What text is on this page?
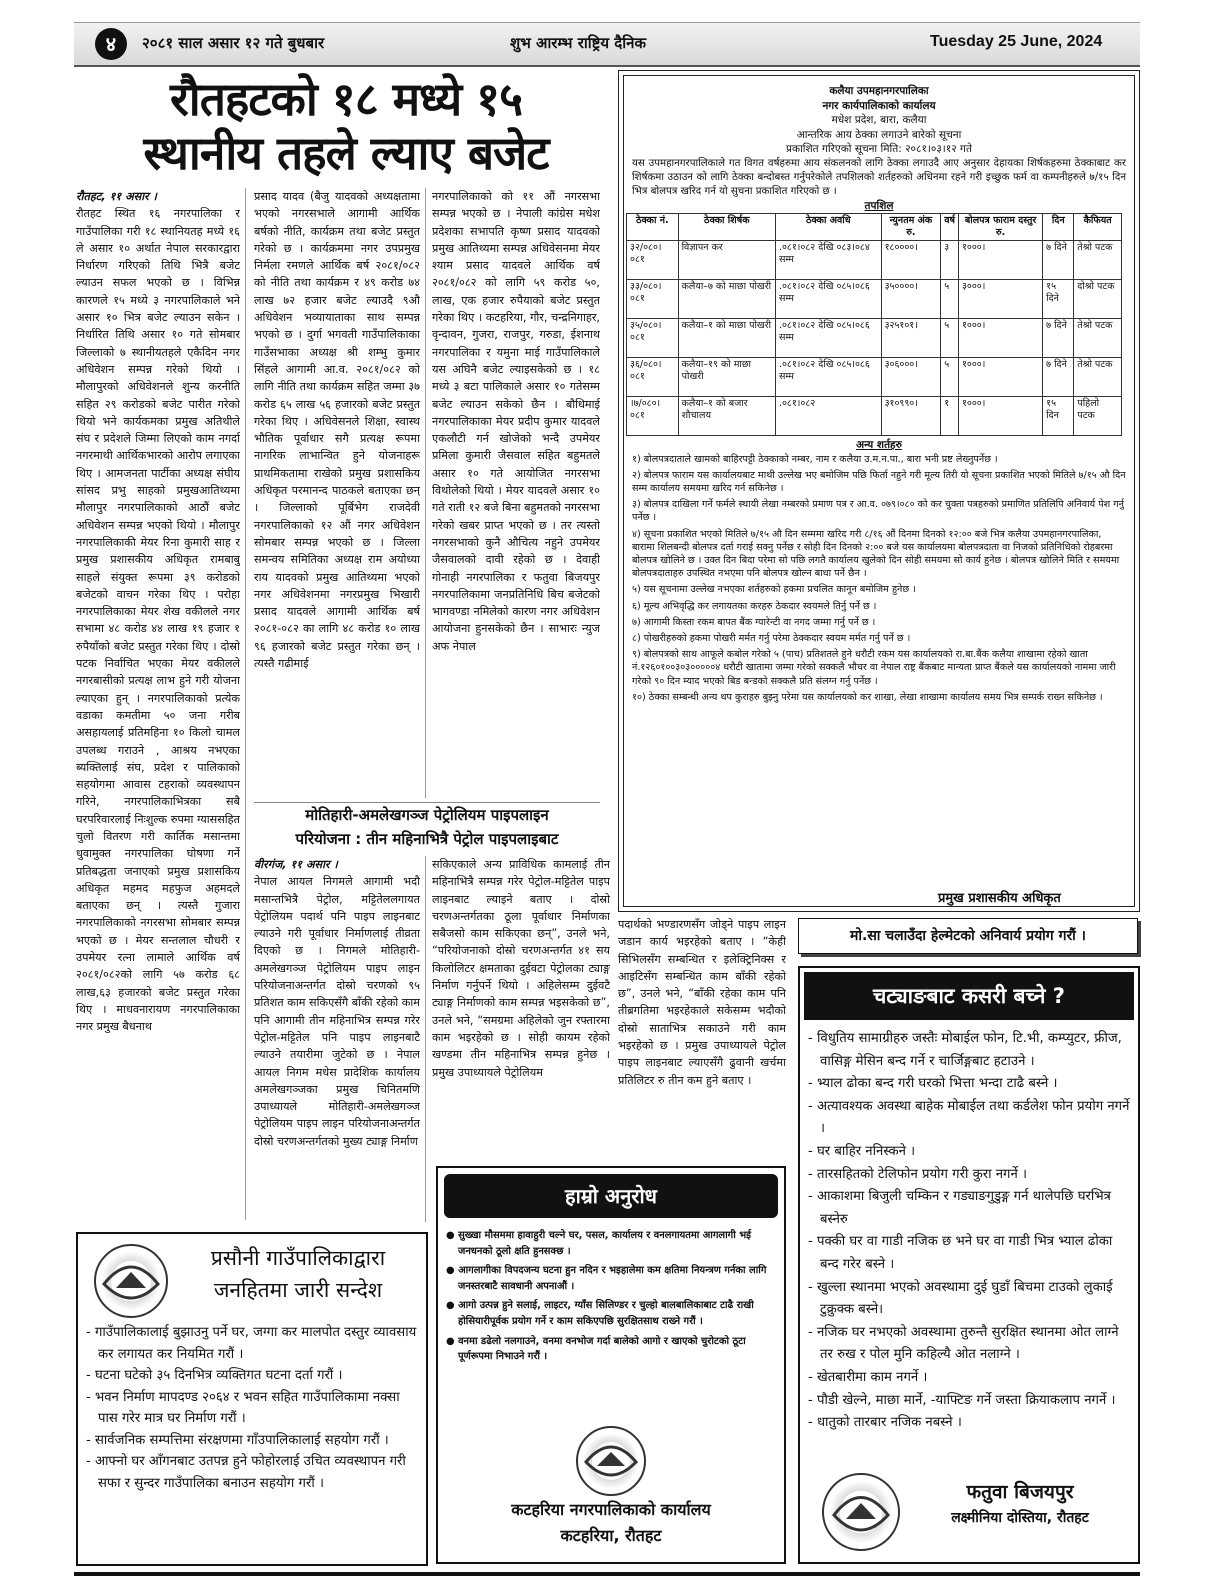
४	२०८१ साल असार १२ गते बुधबार	शुभ आरम्भ राष्ट्रिय दैनिक	Tuesday 25 June, 2024
रौतहटको १८ मध्ये १५
स्थानीय तहले ल्याए बजेट

रौतहट, ११ असार ।

रौतहट स्थित १६ नगरपालिका र गाउँपालिका गरी १८ स्थानियतह मध्ये १६ ले असार १० अर्थात नेपाल सरकारद्वारा निर्धारण गरिएको तिथि भित्रै बजेट ल्याउन सफल भएको छ । विभिन्न कारणले १५ मध्ये ३ नगरपालिकाले भने असार १० भित्र बजेट ल्याउन सकेन । निर्धारित तिथि असार १० गते सोमबार जिल्लाको ७ स्थानीयतहले एकैदिन नगर अधिवेशन सम्पन्न गरेको थियो । मौलापुरको अधिवेशनले शुन्य करनीति सहित २९ करोडको बजेट पारीत गरेको थियो भने कार्यकमका प्रमुख अतिथीले संघ र प्रदेशले जिम्मा लिएको काम नगर्दा नगरमाथी आर्थिकभारको आरोप लगाएका थिए । आमजनता पार्टीका अध्यक्ष संघीय सांसद प्रभु साहको प्रमुखआतिथ्यमा मौलापुर नगरपालिकाको आठौं बजेट अधिवेशन सम्पन्न भएको थियो । मौलापुर नगरपालिकाकी मेयर रिना कुमारी साह र प्रमुख प्रशासकीय अधिकृत रामबाबु साहले संयुक्त रूपमा ३९ करोडको बजेटको वाचन गरेका थिए । परोहा नगरपालिकाका मेयर शेख वकीलले नगर सभामा ४८ करोड ४४ लाख १९ हजार १ रुपैयाँको बजेट प्रस्तुत गरेका थिए । दोस्रो पटक निर्वाचित भएका मेयर वकीलले नगरबासीको प्रत्यक्ष लाभ हुने गरी योजना ल्याएका हुन् । नगरपालिकाको प्रत्येक वडाका कमतीमा ५० जना गरीब असहायलाई प्रतिमहिना १० किलो चामल उपलब्ध गराउने , आश्रय नभएका ब्यक्तिलाई संघ, प्रदेश र पालिकाको सहयोगमा आवास टहराको व्यवस्थापन गरिने, नगरपालिकाभित्रका सबै घरपरिवारलाई निःशुल्क रुपमा ग्याससहित चुलो वितरण गरी कार्तिक मसान्तमा धुवामुक्त नगरपालिका घोषणा गर्ने प्रतिबद्धता जनाएको प्रमुख प्रशासकिय अधिकृत महमद महफुज अहमदले बताएका छन् । त्यस्तै गुजारा नगरपालिकाको नगरसभा सोमबार सम्पन्न भएको छ । मेयर सन्तलाल चौधरी र उपमेयर रत्ना लामाले आर्थिक वर्ष २०८१/०८२को लागि ५७ करोड ६८ लाख,६३ हजारको बजेट प्रस्तुत गरेका थिए । माधवनारायण नगरपालिकाका नगर प्रमुख बैधनाथ

प्रसाद यादव (बैजु यादवको अध्यक्षतामा भएको नगरसभाले आगामी आर्थिक बर्षको नीति, कार्यक्रम तथा बजेट प्रस्तुत गरेको छ । कार्यक्रममा नगर उपप्रमुख निर्मला रमणले आर्थिक बर्ष २०८१/०८२ को नीति तथा कार्यक्रम र ४९ करोड ७४ लाख ७२ हजार बजेट ल्याउदै ९औ अधिवेशन भव्यायाताका साथ सम्पन्न भएको छ । दुर्गा भगवती गाउँपालिकाका गाउँसभाका अध्यक्ष श्री शम्भु कुमार सिंहले आगामी आ.व. २०८१/०८२ को लागि नीति तथा कार्यक्रम सहित जम्मा ३७ करोड ६५ लाख ५६ हजारको बजेट प्रस्तुत गरेका थिए । अधिवेसनले शिक्षा, स्वास्थ भौतिक पूर्वाधार सगै प्रत्यक्ष रूपमा नागरिक लाभान्वित हुने योजनाहरू प्राथमिकतामा राखेको प्रमुख प्रशासकिय अधिकृत परमानन्द पाठकले बताएका छन् । जिल्लाको पूर्बिभेग राजदेवी नगरपालिकाको १२ औं नगर अधिवेशन सोमबार सम्पन्न भएको छ । जिल्ला समन्वय समितिका अध्यक्ष राम अयोध्या राय यादवको प्रमुख आतिथ्यमा भएको नगर अधिवेशनमा नगरप्रमुख भिखारी प्रसाद यादवले आगामी आर्थिक बर्ष २०८१-०८२ का लागि ४८ करोड १० लाख ९६ हजारको बजेट प्रस्तुत गरेका छन् । त्यस्तै गढीमाई

नगरपालिकाको को ११ औं नगरसभा सम्पन्न भएको छ । नेपाली कांग्रेस मधेश प्रदेशका सभापति कृष्ण प्रसाद यादवको प्रमुख आतिथ्यमा सम्पन्न अधिवेसनमा मेयर श्याम प्रसाद यादवले आर्थिक वर्ष २०८१/०८२ को लागि ५९ करोड ५०, लाख, एक हजार रुपैयाको बजेट प्रस्तुत गरेका थिए । कटहरिया, गौर, चन्द्रनिगाहर, वृन्दावन, गुजरा, राजपुर, गरुडा, ईशनाथ नगरपालिका र यमुना माई गाउँपालिकाले यस अघिनै बजेट ल्याइसकेको छ । १८ मध्ये ३ बटा पालिकाले असार १० गतेसम्म बजेट ल्याउन सकेको छैन । बौधिमाई नगरपालिकाका मेयर प्रदीप कुमार यादवले एकलौटी गर्न खोजेको भन्दै उपमेयर प्रमिला कुमारी जैसवाल सहित बहुमतले असार १० गते आयोजित नगरसभा विथोलेको थियो । मेयर यादवले असार १० गते राती १२ बजे बिना बहुमतको नगरसभा गरेको खबर प्राप्त भएको छ । तर त्यस्तो नगरसभाको कुनै औचित्य नहुने उपमेयर जैसवालको दावी रहेको छ । देवाही गोनाही नगरपालिका र फतुवा बिजयपुर नगरपालिकामा जनप्रतिनिधि बिच बजेटको भागवण्डा नमिलेको कारण नगर अधिवेशन आयोजना हुनसकेको छैन । साभारः न्युज अफ नेपाल

मोतिहारी-अमलेखगञ्ज पेट्रोलियम पाइपलाइन
परियोजना : तीन महिनाभित्रै पेट्रोल पाइपलाइबाट

वीरगंज, ११ असार ।

नेपाल आयल निगमले आगामी भदौ मसान्तभित्रै पेट्रोल, मट्टितेललगायत पेट्रोलियम पदार्थ पनि पाइप लाइनबाट ल्याउने गरी पूर्वाधार निर्माणलाई तीव्रता दिएको छ । निगमले मोतिहारी-अमलेखगञ्ज पेट्रोलियम पाइप लाइन परियोजनाअन्तर्गत दोस्रो चरणको ९५ प्रतिशत काम सकिएसँगै बाँकी रहेको काम पनि आगामी तीन महिनाभित्र सम्पन्न गरेर पेट्रोल-मट्टितेल पनि पाइप लाइनबाटै ल्याउने तयारीमा जुटेको छ । नेपाल आयल निगम मधेस प्रादेशिक कार्यालय अमलेखगञ्जका प्रमुख चिनितमणि उपाध्यायले मोतिहारी-अमलेखगञ्ज पेट्रोलियम पाइप लाइन परियोजनाअन्तर्गत दोस्रो चरणअन्तर्गतको मुख्य ट्याङ्ग निर्माण

सकिएकाले अन्य प्राविधिक कामलाई तीन महिनाभित्रै सम्पन्न गरेर पेट्रोल-मट्टितेल पाइप लाइनबाट ल्याइने बताए । दोस्रो चरणअन्तर्गतका ठूला पूर्वाधार निर्माणका सबैजसो काम सकिएका छन्”, उनले भने, “परियोजनाको दोस्रो चरणअन्तर्गत ४१ सय किलोलिटर क्षमताका दुईवटा पेट्रोलका ट्याङ्ग निर्माण गर्नुपर्ने थियो । अहिलेसम्म दुईवटै ट्याङ्ग निर्माणको काम सम्पन्न भइसकेको छ”, उनले भने, “समग्रमा अहिलेको जुन रफ्तारमा काम भइरहेको छ । सोही कायम रहेको खण्डमा तीन महिनाभित्र सम्पन्न हुनेछ । प्रमुख उपाध्यायले पेट्रोलियम

पदार्थको भण्डारणसँग जोड्ने पाइप लाइन जडान कार्य भइरहेको बताए । “केही सिभिलसँग सम्बन्धित र इलेक्ट्रिनिक्स र आइटिसँग सम्बन्धित काम बाँकी रहेको छ”, उनले भने, “बाँकी रहेका काम पनि तीब्रगतिमा भइरहेकाले सकेसम्म भदौको दोस्रो साताभित्र सकाउने गरी काम भइरहेको छ । प्रमुख उपाध्यायले पेट्रोल पाइप लाइनबाट ल्याएसँगै ढुवानी खर्चमा प्रतिलिटर रु तीन कम हुने बताए ।

कलैया उपमहानगरपालिका
नगर कार्यपालिकाको कार्यालय
मधेश प्रदेश, बारा, कलैया
आन्तरिक आय ठेक्का लगाउने बारेको सूचना
प्रकाशित गरिएको सूचना मिति: २०८१।०३।१२ गते
यस उपमहानगरपालिकाले गत विगत वर्षहरुमा आय संकलनको लागि ठेक्का लगाउदै आए अनुसार देहायका शिर्षकहरुमा ठेक्काबाट कर शिर्षकमा उठाउन को लागि ठेक्का बन्दोबस्त गर्नुपरेकोले तपशिलको शर्तहरुको अधिनमा रहने गरी इच्छुक फर्म वा कम्पनीहरुले ७/१५ दिन भित्र बोलपत्र खरिद गर्न यो सुचना प्रकाशित गरिएको छ ।
तपशिल
ठेक्का नं.	ठेक्का शिर्षक	ठेक्का अवधि	न्युनतम अंक रु.	वर्ष	बोलपत्र फाराम दस्तुर रु.	दिन	कैफियत
३२/०८०।०८१	विज्ञापन कर	.०८१।०८२ देखि ०८३।०८४ सम्म	१८००००।	३	१०००।	७ दिने	तेश्रो पटक
३३/०८०।०८१	कलैया–७ को माछा पोखरी	.०८१।०८२ देखि ०८५।०८६ सम्म	३५००००।	५	३०००।	१५ दिने	दोश्रो पटक
३५/०८०।०८१	कलैया–१ को माछा पोखरी	.०८१।०८२ देखि ०८५।०८६ सम्म	३२५१०१।	५	१०००।	७ दिने	तेश्रो पटक
३६/०८०।०८१	कलैया–१९ को माछा पोखरी	.०८१।०८२ देखि ०८५।०८६ सम्म	३०६०००।	५	१०००।	७ दिने	तेश्रो पटक
।७/०८०।०८१	कलैया–१ को बजार शौचालय	.०८१।०८२	३१०९९०।	१	१०००।	१५ दिन	पहिलो पटक
अन्य शर्तहरु
१) बोलपत्रदाताले खामको बाहिरपट्टी ठेक्काको नम्बर, नाम र कलैया उ.म.न.पा., बारा भनी प्रष्ट लेख्नुपर्नेछ ।
२) बोलपत्र फाराम यस कार्यालयबाट माथी उल्लेख भए बमोजिम पछि फिर्ता नहुने गरी मूल्य तिरी यो सूचना प्रकाशित भएको मितिले ७/१५ औ दिन सम्म कार्यालय समयमा खरिद गर्न सकिनेछ ।
३) बोलपत्र दाखिला गर्ने फर्मले स्थायी लेखा नम्बरको प्रमाण पत्र र आ.व. ०७९।०८० को कर चुक्ता पत्रहरुको प्रमाणित प्रतिलिपि अनिवार्य पेश गर्नु पर्नेछ ।
४) सूचना प्रकाशित भएको मितिले ७/१५ औ दिन सम्ममा खरिद गरी ८/१६ औं दिनमा दिनको १२:०० बजे भित्र कलैया उपमहानगरपालिका, बारामा शिलबन्दी बोलपत्र दर्ता गराई सक्नु पर्नेछ र सोही दिन दिनको २:०० बजे यस कार्यालयमा बोलपत्रदाता वा निजको प्रतिनिधिको रोहबरमा बोलपत्र खोलिने छ । उक्त दिन बिदा परेमा सो पछि लगतै कार्यालय खुलेको दिन सोही समयमा सो कार्य हुनेछ । बोलपत्र खोलिने मिति र समयमा बोलपत्रदाताहरु उपस्थित नभएमा पनि बोलपत्र खोल्न बाधा पर्ने छैन ।
५) यस सूचनामा उल्लेख नभएका शर्तहरुको हकमा प्रचलित कानून बमोजिम हुनेछ ।
६) मूल्य अभिवृद्धि कर लगायतका करहरु ठेकदार स्वयमले तिर्नु पर्ने छ ।
७) आगामी किस्ता रकम बापत बैंक ग्यारेन्टी वा नगद जम्मा गर्नु पर्ने छ ।
८) पोखरीहरुको हकमा पोखरी मर्मत गर्नु परेमा ठेक्कदार स्वयम मर्मत गर्नु पर्ने छ ।
९) बोलपत्रको साथ आफूले कबोल गरेको ५ (पाच) प्रतिशतले हुने धरौटी रकम यस कार्यालयको रा.बा.बैंक कलैया शाखामा रहेको खाता नं.१२६०१००३०३०००००४ धरौटी खातामा जम्मा गरेको सक्कलै भौचर वा नेपाल राष्ट्र बैंकबाट मान्यता प्राप्त बैंकले यस कार्यालयको नाममा जारी गरेको ९० दिन म्याद भएको बिड बन्डको सक्कलै प्रति संलग्न गर्नु पर्नेछ ।
१०) ठेक्का सम्बन्धी अन्य थप कुराहरु बुझ्नु परेमा यस कार्यालयको कर शाखा, लेखा शाखामा कार्यालय समय भित्र सम्पर्क राख्न सकिनेछ ।
प्रमुख प्रशासकीय अधिकृत
मो.सा चलाउँदा हेल्मेटको अनिवार्य प्रयोग गरौं ।
चट्याङबाट कसरी बच्ने ?
- विधुतिय सामाग्रीहरु जस्तैः मोबाईल फोन, टि.भी, कम्प्युटर, फ्रीज, वासिङ्ग मेसिन बन्द गर्ने र चार्जिङ्गबाट हटाउने ।
- भ्याल ढोका बन्द गरी घरको भित्ता भन्दा टाढै बस्ने ।
- अत्यावश्यक अवस्था बाहेक मोबाईल तथा कर्डलेश फोन प्रयोग नगर्ने ।
- घर बाहिर ननिस्कने ।
- तारसहितको टेलिफोन प्रयोग गरी कुरा नगर्ने ।
- आकाशमा बिजुली चम्किन र गड्याङगुडुङ्ग गर्न थालेपछि घरभित्र बस्नेरु
- पक्की घर वा गाडी नजिक छ भने घर वा गाडी भित्र भ्याल ढोका बन्द गरेर बस्ने ।
- खुल्ला स्थानमा भएको अवस्थामा दुई घुडाँ बिचमा टाउको लुकाई टुक्रुक्क बस्ने।
- नजिक घर नभएको अवस्थामा तुरुन्तै सुरक्षित स्थानमा ओत लाग्ने तर रुख र पोल मुनि कहिल्यै ओत नलाग्ने ।
- खेतबारीमा काम नगर्ने ।
- पौडी खेल्ने, माछा मार्ने, -याफ्टिङ गर्ने जस्ता क्रियाकलाप नगर्ने ।
- धातुको तारबार नजिक नबस्ने ।
फतुवा बिजयपुर
लक्ष्मीनिया दोस्तिया, रौतहट
प्रसौनी गाउँपालिकाद्वारा
जनहितमा जारी सन्देश
- गाउँपालिकालाई बुझाउनु पर्ने घर, जग्गा कर मालपोत दस्तुर व्यावसाय कर लगायत कर नियमित गरौं ।
- घटना घटेको ३५ दिनभित्र व्यक्तिगत घटना दर्ता गरौं ।
- भवन निर्माण मापदण्ड २०६४ र भवन सहित गाउँपालिकामा नक्सा पास गरेर मात्र घर निर्माण गरौं ।
- सार्वजनिक सम्पत्तिमा संरक्षणमा गाँउपालिकालाई सहयोग गरौं ।
- आफ्नो घर आँगनबाट उतपन्न हुने फोहोरलाई उचित व्यवस्थापन गरी सफा र सुन्दर गाउँपालिका बनाउन सहयोग गरौं ।
हाम्रो अनुरोध
● सुख्खा मौसममा हावाहुरी चल्ने घर, पसल, कार्यालय र वनलगायतमा आगलागी भई जनधनको ठूलो क्षति हुनसक्छ ।
● आगलागीका विपदजन्य घटना हुन नदिन र भइहालेमा कम क्षतिमा नियन्त्रण गर्नका लागि जनस्तरबाटै सावधानी अपनाऔं ।
● आगो उत्पन्न हुने सलाई, लाइटर, ग्याँस सिलिण्डर र चुल्हो बालबालिकाबाट टाढै राखी होसियारीपूर्वक प्रयोग गर्ने र काम सकिएपछि सुरक्षितसाथ राख्ने गरौं ।
● वनमा डढेलो नलगाउने, वनमा वनभोज गर्दा बालेको आगो र खाएको चुरोटको ठूटा पूर्णरूपमा निभाउने गरौं ।
कटहरिया नगरपालिकाको कार्यालय
कटहरिया, रौतहट
